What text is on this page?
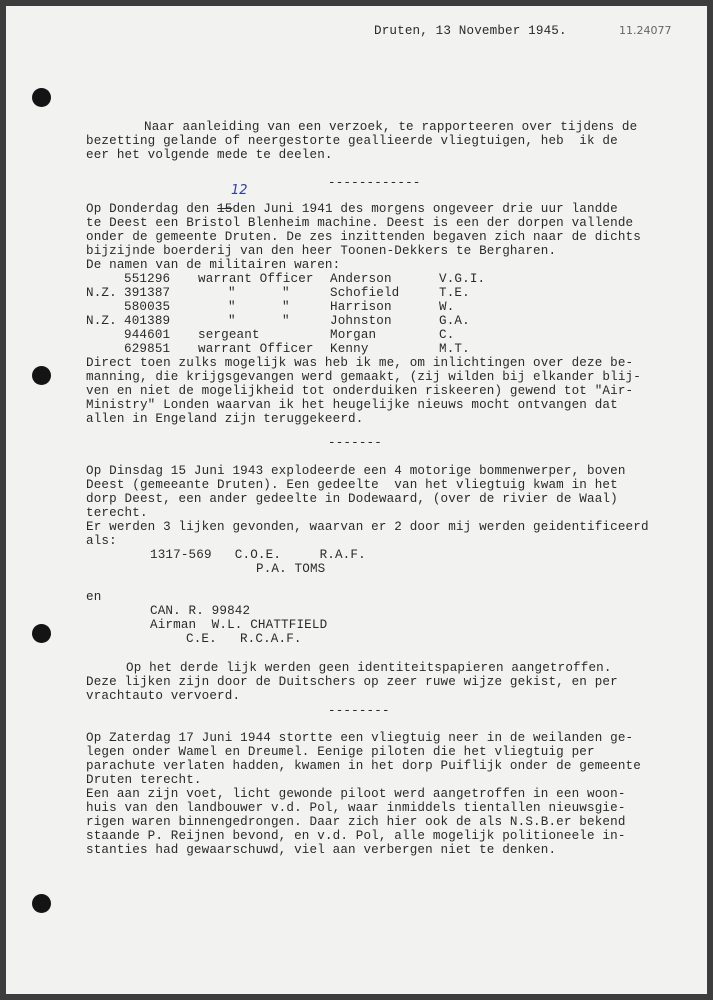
11.24077
Druten, 13 November 1945.
Naar aanleiding van een verzoek, te rapporteeren over tijdens de
bezetting gelande of neergestorte geallieerde vliegtuigen, heb  ik de
eer het volgende mede te deelen.
------------
12
Op Donderdag den 15den Juni 1941 des morgens ongeveer drie uur landde
te Deest een Bristol Blenheim machine. Deest is een der dorpen vallende
onder de gemeente Druten. De zes inzittenden begaven zich naar de dichts
bijzijnde boerderij van den heer Toonen-Dekkers te Bergharen.
De namen van de militairen waren:
551296 warrant Officer Anderson	V.G.I.
N.Z. 391387	"      "	Schofield	T.E.
580035	"      "	Harrison	W.
N.Z. 401389	"      "	Johnston	G.A.
944601 sergeant	Morgan	C.
629851 warrant Officer Kenny	M.T.
Direct toen zulks mogelijk was heb ik me, om inlichtingen over deze be-
manning, die krijgsgevangen werd gemaakt, (zij wilden bij elkander blij-
ven en niet de mogelijkheid tot onderduiken riskeeren) gewend tot "Air-
Ministry" Londen waarvan ik het heugelijke nieuws mocht ontvangen dat
allen in Engeland zijn teruggekeerd.
-------
Op Dinsdag 15 Juni 1943 explodeerde een 4 motorige bommenwerper, boven
Deest (gemeeante Druten). Een gedeelte  van het vliegtuig kwam in het
dorp Deest, een ander gedeelte in Dodewaard, (over de rivier de Waal)
terecht.
Er werden 3 lijken gevonden, waarvan er 2 door mij werden geidentificeerd
als:
1317-569   C.O.E.     R.A.F.
P.A. TOMS
en
CAN. R. 99842
Airman  W.L. CHATTFIELD
C.E.   R.C.A.F.
Op het derde lijk werden geen identiteitspapieren aangetroffen.
Deze lijken zijn door de Duitschers op zeer ruwe wijze gekist, en per
vrachtauto vervoerd.
--------
Op Zaterdag 17 Juni 1944 stortte een vliegtuig neer in de weilanden ge-
legen onder Wamel en Dreumel. Eenige piloten die het vliegtuig per
parachute verlaten hadden, kwamen in het dorp Puiflijk onder de gemeente
Druten terecht.
Een aan zijn voet, licht gewonde piloot werd aangetroffen in een woon-
huis van den landbouwer v.d. Pol, waar inmiddels tientallen nieuwsgie-
rigen waren binnengedrongen. Daar zich hier ook de als N.S.B.er bekend
staande P. Reijnen bevond, en v.d. Pol, alle mogelijk politioneele in-
stanties had gewaarschuwd, viel aan verbergen niet te denken.
